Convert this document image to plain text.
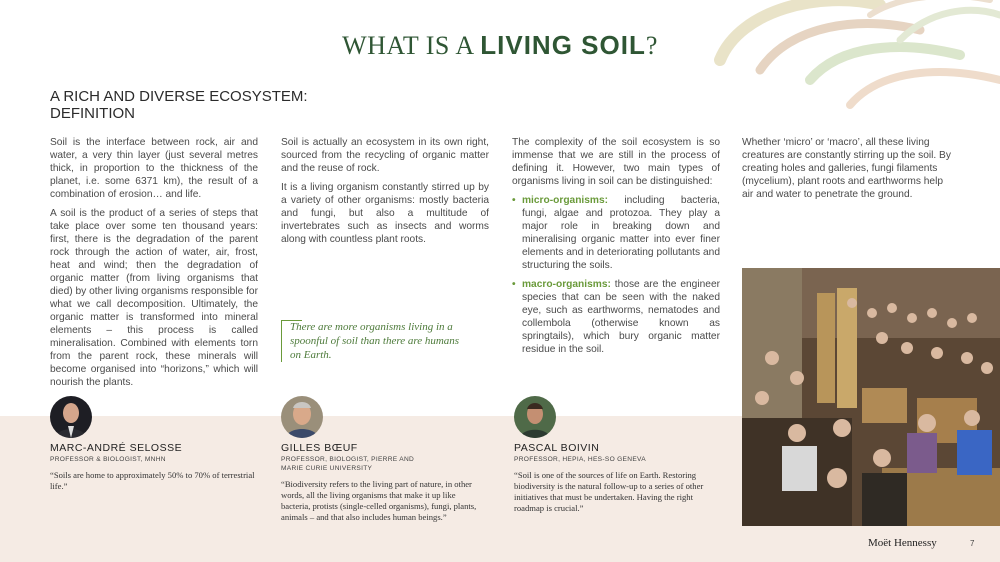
WHAT IS A LIVING SOIL?
A RICH AND DIVERSE ECOSYSTEM: DEFINITION

Soil is the interface between rock, air and water, a very thin layer (just several metres thick, in proportion to the thickness of the planet, i.e. some 6371 km), the result of a combination of erosion… and life.

A soil is the product of a series of steps that take place over some ten thousand years: first, there is the degradation of the parent rock through the action of water, air, frost, heat and wind; then the degradation of organic matter (from living organisms that died) by other living organisms responsible for what we call decomposition. Ultimately, the organic matter is transformed into mineral elements – this process is called mineralisation. Combined with elements torn from the parent rock, these minerals will become organised into “horizons,” which will nourish the plants.

Soil is actually an ecosystem in its own right, sourced from the recycling of organic matter and the reuse of rock.

It is a living organism constantly stirred up by a variety of other organisms: mostly bacteria and fungi, but also a multitude of invertebrates such as insects and worms along with countless plant roots.

There are more organisms living in a spoonful of soil than there are humans on Earth.

The complexity of the soil ecosystem is so immense that we are still in the process of defining it. However, two main types of organisms living in soil can be distinguished:

• micro-organisms: including bacteria, fungi, algae and protozoa. They play a major role in breaking down and mineralising organic matter into ever finer elements and in deteriorating pollutants and structuring the soils.

• macro-organisms: those are the engineer species that can be seen with the naked eye, such as earthworms, nematodes and collembola (otherwise known as springtails), which bury organic matter residue in the soil.

Whether ‘micro’ or ‘macro’, all these living creatures are constantly stirring up the soil. By creating holes and galleries, fungi filaments (mycelium), plant roots and earthworms help air and water to penetrate the ground.

MARC-ANDRÉ SELOSSE
PROFESSOR & BIOLOGIST, MNHN
“Soils are home to approximately 50% to 70% of terrestrial life.”
GILLES BŒUF
PROFESSOR, BIOLOGIST, PIERRE AND MARIE CURIE UNIVERSITY
“Biodiversity refers to the living part of nature, in other words, all the living organisms that make it up like bacteria, protists (single-celled organisms), fungi, plants, animals – and that also includes human beings.”
PASCAL BOIVIN
PROFESSOR, HEPIA, HES-SO GENEVA
“Soil is one of the sources of life on Earth. Restoring biodiversity is the natural follow-up to a series of other initiatives that must be undertaken. Having the right roadmap is crucial.”
Moët Hennessy	7
